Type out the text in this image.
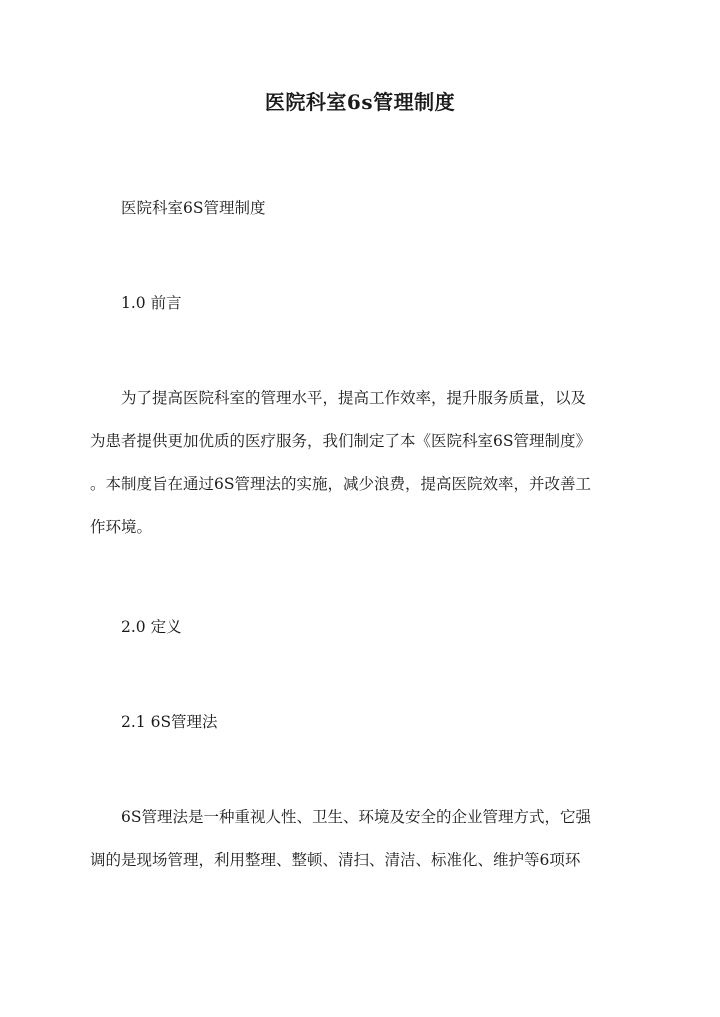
医院科室6s管理制度
医院科室6S管理制度
1.0 前言
为了提高医院科室的管理水平，提高工作效率，提升服务质量，以及
为患者提供更加优质的医疗服务，我们制定了本《医院科室6S管理制度》
。本制度旨在通过6S管理法的实施，减少浪费，提高医院效率，并改善工
作环境。
2.0 定义
2.1 6S管理法
6S管理法是一种重视人性、卫生、环境及安全的企业管理方式，它强
调的是现场管理，利用整理、整顿、清扫、清洁、标准化、维护等6项环
